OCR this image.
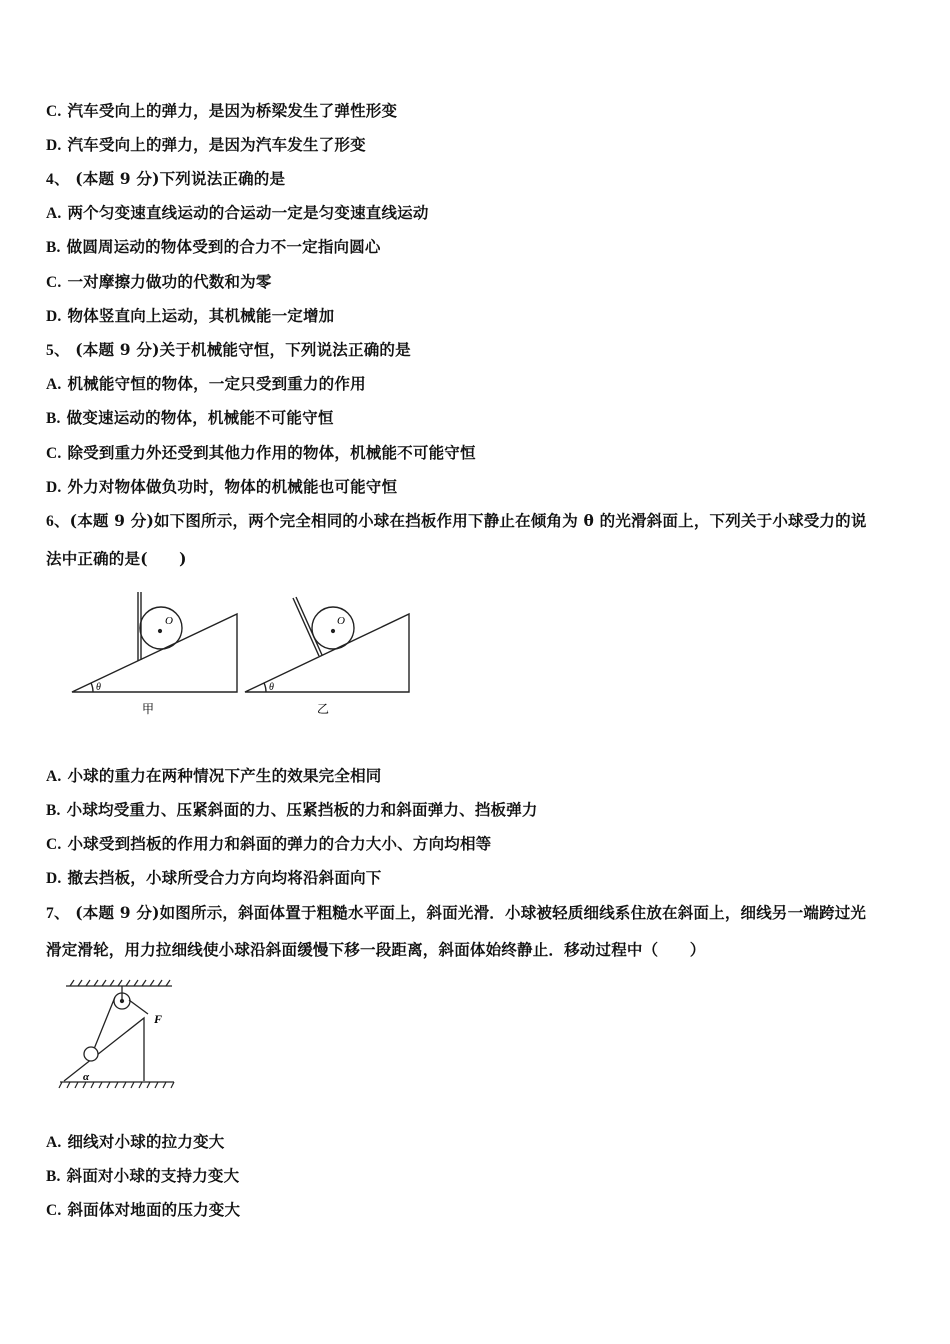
C. 汽车受向上的弹力，是因为桥梁发生了弹性形变
D. 汽车受向上的弹力，是因为汽车发生了形变
4、 (本题 9 分)下列说法正确的是
A. 两个匀变速直线运动的合运动一定是匀变速直线运动
B. 做圆周运动的物体受到的合力不一定指向圆心
C. 一对摩擦力做功的代数和为零
D. 物体竖直向上运动，其机械能一定增加
5、 (本题 9 分)关于机械能守恒，下列说法正确的是
A. 机械能守恒的物体，一定只受到重力的作用
B. 做变速运动的物体，机械能不可能守恒
C. 除受到重力外还受到其他力作用的物体，机械能不可能守恒
D. 外力对物体做负功时，物体的机械能也可能守恒
6、(本题 9 分)如下图所示，两个完全相同的小球在挡板作用下静止在倾角为 θ 的光滑斜面上，下列关于小球受力的说
法中正确的是(　　)
O
θ
甲
O
θ
乙
A. 小球的重力在两种情况下产生的效果完全相同
B. 小球均受重力、压紧斜面的力、压紧挡板的力和斜面弹力、挡板弹力
C. 小球受到挡板的作用力和斜面的弹力的合力大小、方向均相等
D. 撤去挡板，小球所受合力方向均将沿斜面向下
7、 (本题 9 分)如图所示，斜面体置于粗糙水平面上，斜面光滑．小球被轻质细线系住放在斜面上，细线另一端跨过光
滑定滑轮，用力拉细线使小球沿斜面缓慢下移一段距离，斜面体始终静止．移动过程中（　　）
F
α
A. 细线对小球的拉力变大
B. 斜面对小球的支持力变大
C. 斜面体对地面的压力变大
